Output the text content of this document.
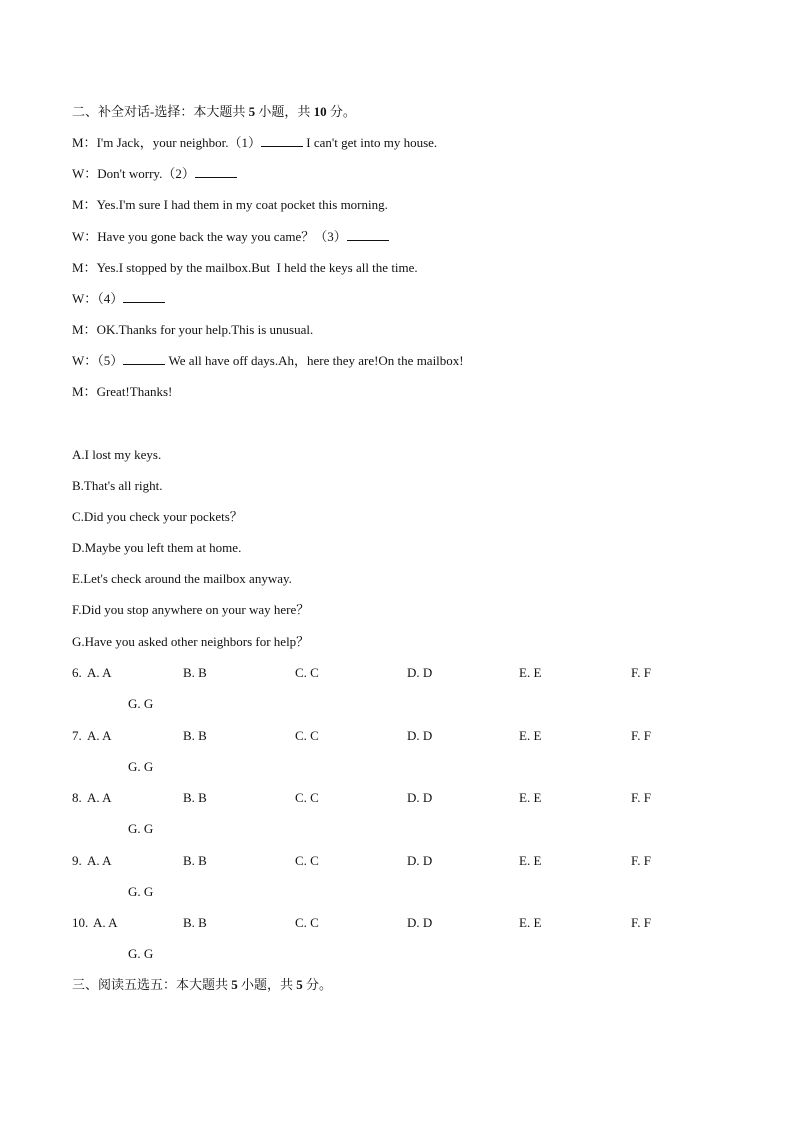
二、补全对话-选择：本大题共 5 小题，共 10 分。
M：I'm Jack，your neighbor.（1）	I can't get into my house.
W：Don't worry.（2）
M：Yes.I'm sure I had them in my coat pocket this morning.
W：Have you gone back the way you came？（3）
M：Yes.I stopped by the mailbox.But  I held the keys all the time.
W：（4）
M：OK.Thanks for your help.This is unusual.
W：（5）	We all have off days.Ah，here they are!On the mailbox!
M：Great!Thanks!
A.I lost my keys.
B.That's all right.
C.Did you check your pockets？
D.Maybe you left them at home.
E.Let's check around the mailbox anyway.
F.Did you stop anywhere on your way here？
G.Have you asked other neighbors for help？
6. A. A	B. B	C. C	D. D	E. E	F. F
G. G
7. A. A	B. B	C. C	D. D	E. E	F. F
G. G
8. A. A	B. B	C. C	D. D	E. E	F. F
G. G
9. A. A	B. B	C. C	D. D	E. E	F. F
G. G
10. A. A	B. B	C. C	D. D	E. E	F. F
G. G
三、阅读五选五：本大题共 5 小题，共 5 分。
